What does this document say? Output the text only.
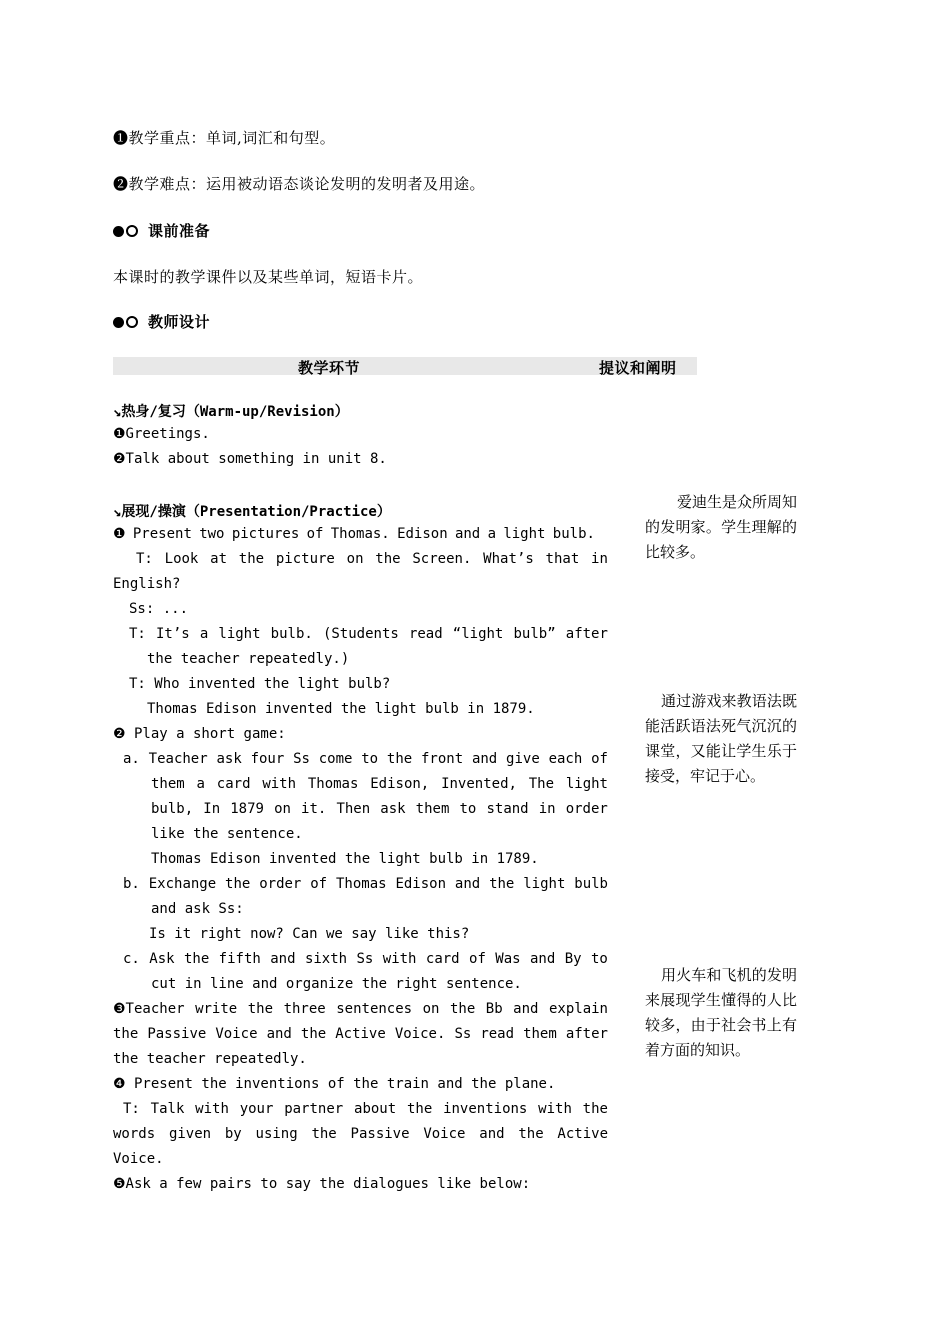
❶教学重点：单词,词汇和句型。
❷教学难点：运用被动语态谈论发明的发明者及用途。
课前准备
本课时的教学课件以及某些单词，短语卡片。
教师设计
教学环节	提议和阐明
↘热身/复习（Warm-up/Revision）
❶Greetings.
❷Talk about something in unit 8.
↘展现/操演（Presentation/Practice）
❶ Present two pictures of Thomas. Edison and a light bulb.
T: Look at the picture on the Screen. What’s that in
English?
Ss: ...
T: It’s a light bulb. (Students read “light bulb” after
the teacher repeatedly.)
T: Who invented the light bulb?
Thomas Edison invented the light bulb in 1879.
❷ Play a short game:
a. Teacher ask four Ss come to the front and give each of
them a card with Thomas Edison, Invented, The light
bulb, In 1879 on it. Then ask them to stand in order
like the sentence.
Thomas Edison invented the light bulb in 1789.
b. Exchange the order of Thomas Edison and the light bulb
and ask Ss:
Is it right now? Can we say like this?
c. Ask the fifth and sixth Ss with card of Was and By to
cut in line and organize the right sentence.
❸Teacher write the three sentences on the Bb and explain
the Passive Voice and the Active Voice. Ss read them after
the teacher repeatedly.
❹ Present the inventions of the train and the plane.
T: Talk with your partner about the inventions with the
words given by using the Passive Voice and the Active
Voice.
❺Ask a few pairs to say the dialogues like below:
爱迪生是众所周知的发明家。学生理解的比较多。
通过游戏来教语法既能活跃语法死气沉沉的课堂，又能让学生乐于接受，牢记于心。
用火车和飞机的发明来展现学生懂得的人比较多，由于社会书上有着方面的知识。
